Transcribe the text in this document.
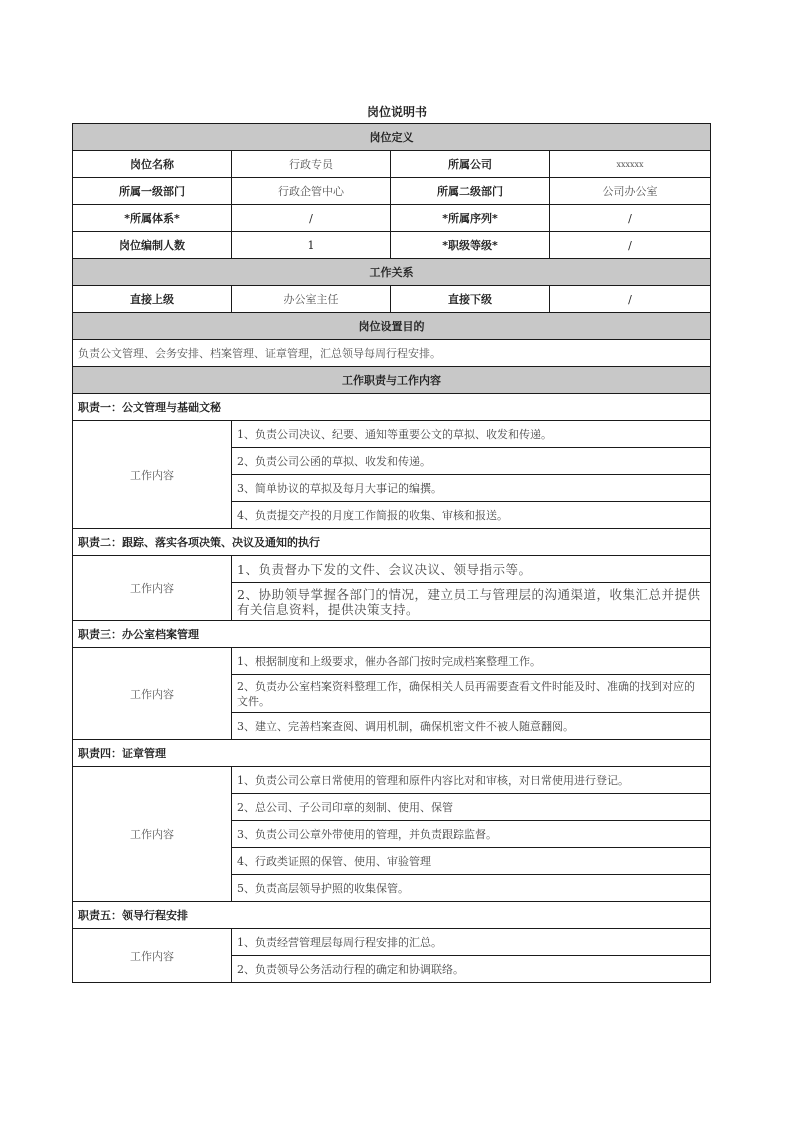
岗位说明书
岗位定义			
岗位名称	行政专员	所属公司	xxxxxx
所属一级部门	行政企管中心	所属二级部门	公司办公室
*所属体系*	/	*所属序列*	/
岗位编制人数	1	*职级等级*	/
工作关系			
直接上级	办公室主任	直接下级	/
岗位设置目的			
负责公文管理、会务安排、档案管理、证章管理，汇总领导每周行程安排。			
工作职责与工作内容			
职责一：公文管理与基础文秘			
工作内容	1、负责公司决议、纪要、通知等重要公文的草拟、收发和传递。		
	2、负责公司公函的草拟、收发和传递。		
	3、简单协议的草拟及每月大事记的编撰。		
	4、负责提交产投的月度工作简报的收集、审核和报送。		
职责二：跟踪、落实各项决策、决议及通知的执行			
工作内容	1、负责督办下发的文件、会议决议、领导指示等。		
	2、协助领导掌握各部门的情况，建立员工与管理层的沟通渠道，收集汇总并提供有关信息资料，提供决策支持。		
职责三：办公室档案管理			
工作内容	1、根据制度和上级要求，催办各部门按时完成档案整理工作。		
	2、负责办公室档案资料整理工作，确保相关人员再需要查看文件时能及时、准确的找到对应的文件。		
	3、建立、完善档案查阅、调用机制，确保机密文件不被人随意翻阅。		
职责四：证章管理			
工作内容	1、负责公司公章日常使用的管理和原件内容比对和审核，对日常使用进行登记。		
	2、总公司、子公司印章的刻制、使用、保管		
	3、负责公司公章外带使用的管理，并负责跟踪监督。		
	4、行政类证照的保管、使用、审验管理		
	5、负责高层领导护照的收集保管。		
职责五：领导行程安排			
工作内容	1、负责经营管理层每周行程安排的汇总。		
	2、负责领导公务活动行程的确定和协调联络。		
